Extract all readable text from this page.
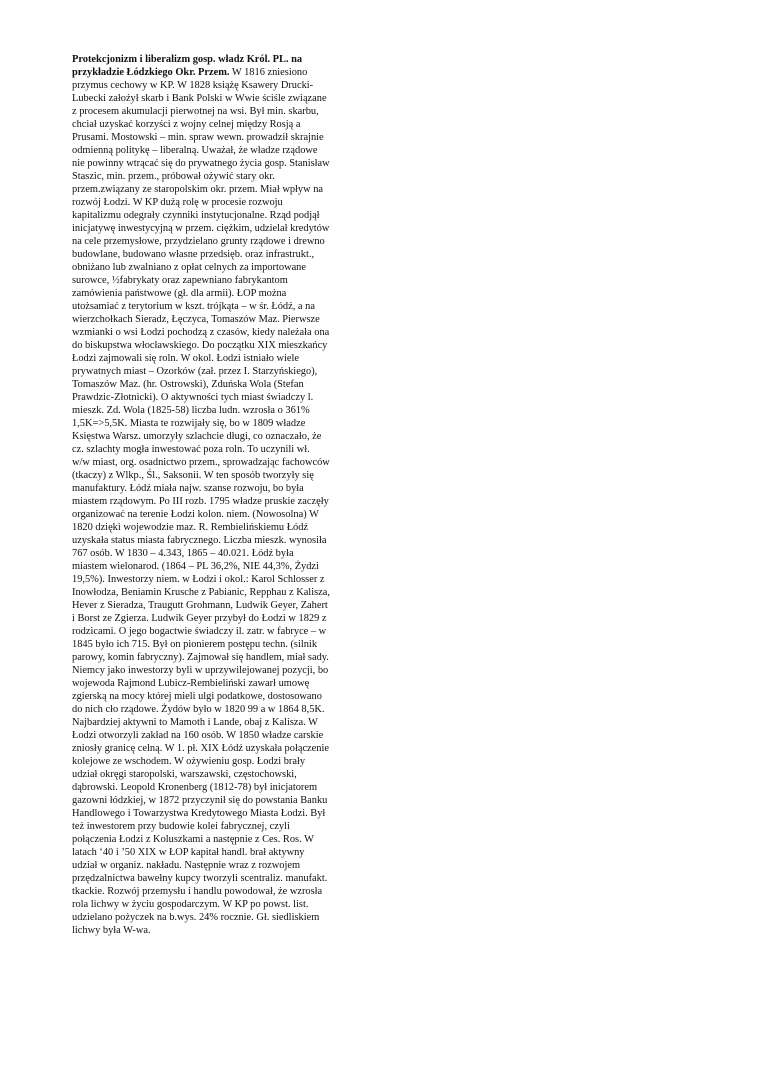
Protekcjonizm i liberalizm gosp. władz Król. PL. na przykładzie Łódzkiego Okr. Przem. W 1816 zniesiono przymus cechowy w KP. W 1828 książę Ksawery Drucki-Lubecki założył skarb i Bank Polski w Wwie ściśle związane z procesem akumulacji pierwotnej na wsi. Był min. skarbu, chciał uzyskać korzyści z wojny celnej między Rosją a Prusami. Mostowski – min. spraw wewn. prowadził skrajnie odmienną politykę – liberalną. Uważał, że władze rządowe nie powinny wtrącać się do prywatnego życia gosp. Stanisław Staszic, min. przem., próbował ożywić stary okr. przem.związany ze staropolskim okr. przem. Miał wpływ na rozwój Łodzi. W KP dużą rolę w procesie rozwoju kapitalizmu odegrały czynniki instytucjonalne. Rząd podjął inicjatywę inwestycyjną w przem. ciężkim, udzielał kredytów na cele przemysłowe, przydzielano grunty rządowe i drewno budowlane, budowano własne przedsięb. oraz infrastrukt., obniżano lub zwalniano z opłat celnych za importowane surowce, ½fabrykaty oraz zapewniano fabrykantom zamówienia państwowe (gł. dla armii). ŁOP można utożsamiać z terytorium w kszt. trójkąta – w śr. Łódź, a na wierzchołkach Sieradz, Łęczyca, Tomaszów Maz. Pierwsze wzmianki o wsi Łodzi pochodzą z czasów, kiedy należała ona do biskupstwa włocławskiego. Do początku XIX mieszkańcy Łodzi zajmowali się roln. W okol. Łodzi istniało wiele prywatnych miast – Ozorków (zał. przez I. Starzyńskiego), Tomaszów Maz. (hr. Ostrowski), Zduńska Wola (Stefan Prawdzic-Złotnicki). O aktywności tych miast świadczy l. mieszk. Zd. Wola (1825-58) liczba ludn. wzrosła o 361% 1,5K=>5,5K. Miasta te rozwijały się, bo w 1809 władze Księstwa Warsz. umorzyły szlachcie długi, co oznaczało, że cz. szlachty mogła inwestować poza roln. To uczynili wł. w/w miast, org. osadnictwo przem., sprowadzając fachowców (tkaczy) z Wlkp., Śl., Saksonii. W ten sposób tworzyły się manufaktury. Łódź miała najw. szanse rozwoju, bo była miastem rządowym. Po III rozb. 1795 władze pruskie zaczęły organizować na terenie Łodzi kolon. niem. (Nowosolna) W 1820 dzięki wojewodzie maz. R. Rembielińskiemu Łódź uzyskała status miasta fabrycznego. Liczba mieszk. wynosiła 767 osób. W 1830 – 4.343, 1865 – 40.021. Łódź była miastem wielonarod. (1864 – PL 36,2%, NIE 44,3%, Żydzi 19,5%). Inwestorzy niem. w Łodzi i okol.: Karol Schlosser z Inowłodza, Beniamin Krusche z Pabianic, Repphau z Kalisza, Hever z Sieradza, Traugutt Grohmann, Ludwik Geyer, Zahert i Borst ze Zgierza. Ludwik Geyer przybył do Łodzi w 1829 z rodzicami. O jego bogactwie świadczy il. zatr. w fabryce – w 1845 było ich 715. Był on pionierem postępu techn. (silnik parowy, komin fabryczny). Zajmował się handlem, miał sady. Niemcy jako inwestorzy byli w uprzywilejowanej pozycji, bo wojewoda Rajmond Lubicz-Rembieliński zawarł umowę zgierską na mocy której mieli ulgi podatkowe, dostosowano do nich cło rządowe. Żydów było w 1820 99 a w 1864 8,5K. Najbardziej aktywni to Mamoth i Lande, obaj z Kalisza. W Łodzi otworzyli zakład na 160 osób. W 1850 władze carskie zniosły granicę celną. W 1. pł. XIX Łódź uzyskała połączenie kolejowe ze wschodem. W ożywieniu gosp. Łodzi brały udział okręgi staropolski, warszawski, częstochowski, dąbrowski. Leopold Kronenberg (1812-78) był inicjatorem gazowni łódzkiej, w 1872 przyczynił się do powstania Banku Handlowego i Towarzystwa Kredytowego Miasta Łodzi. Był też inwestorem przy budowie kolei fabrycznej, czyli połączenia Łodzi z Koluszkami a następnie z Ces. Ros. W latach ‘40 i ’50 XIX w ŁOP kapitał handl. brał aktywny udział w organiz. nakładu. Następnie wraz z rozwojem przędzalnictwa bawełny kupcy tworzyli scentraliz. manufakt. tkackie. Rozwój przemysłu i handlu powodował, że wzrosła rola lichwy w życiu gospodarczym. W KP po powst. list. udzielano pożyczek na b.wys. 24% rocznie. Gł. siedliskiem lichwy była W-wa.
